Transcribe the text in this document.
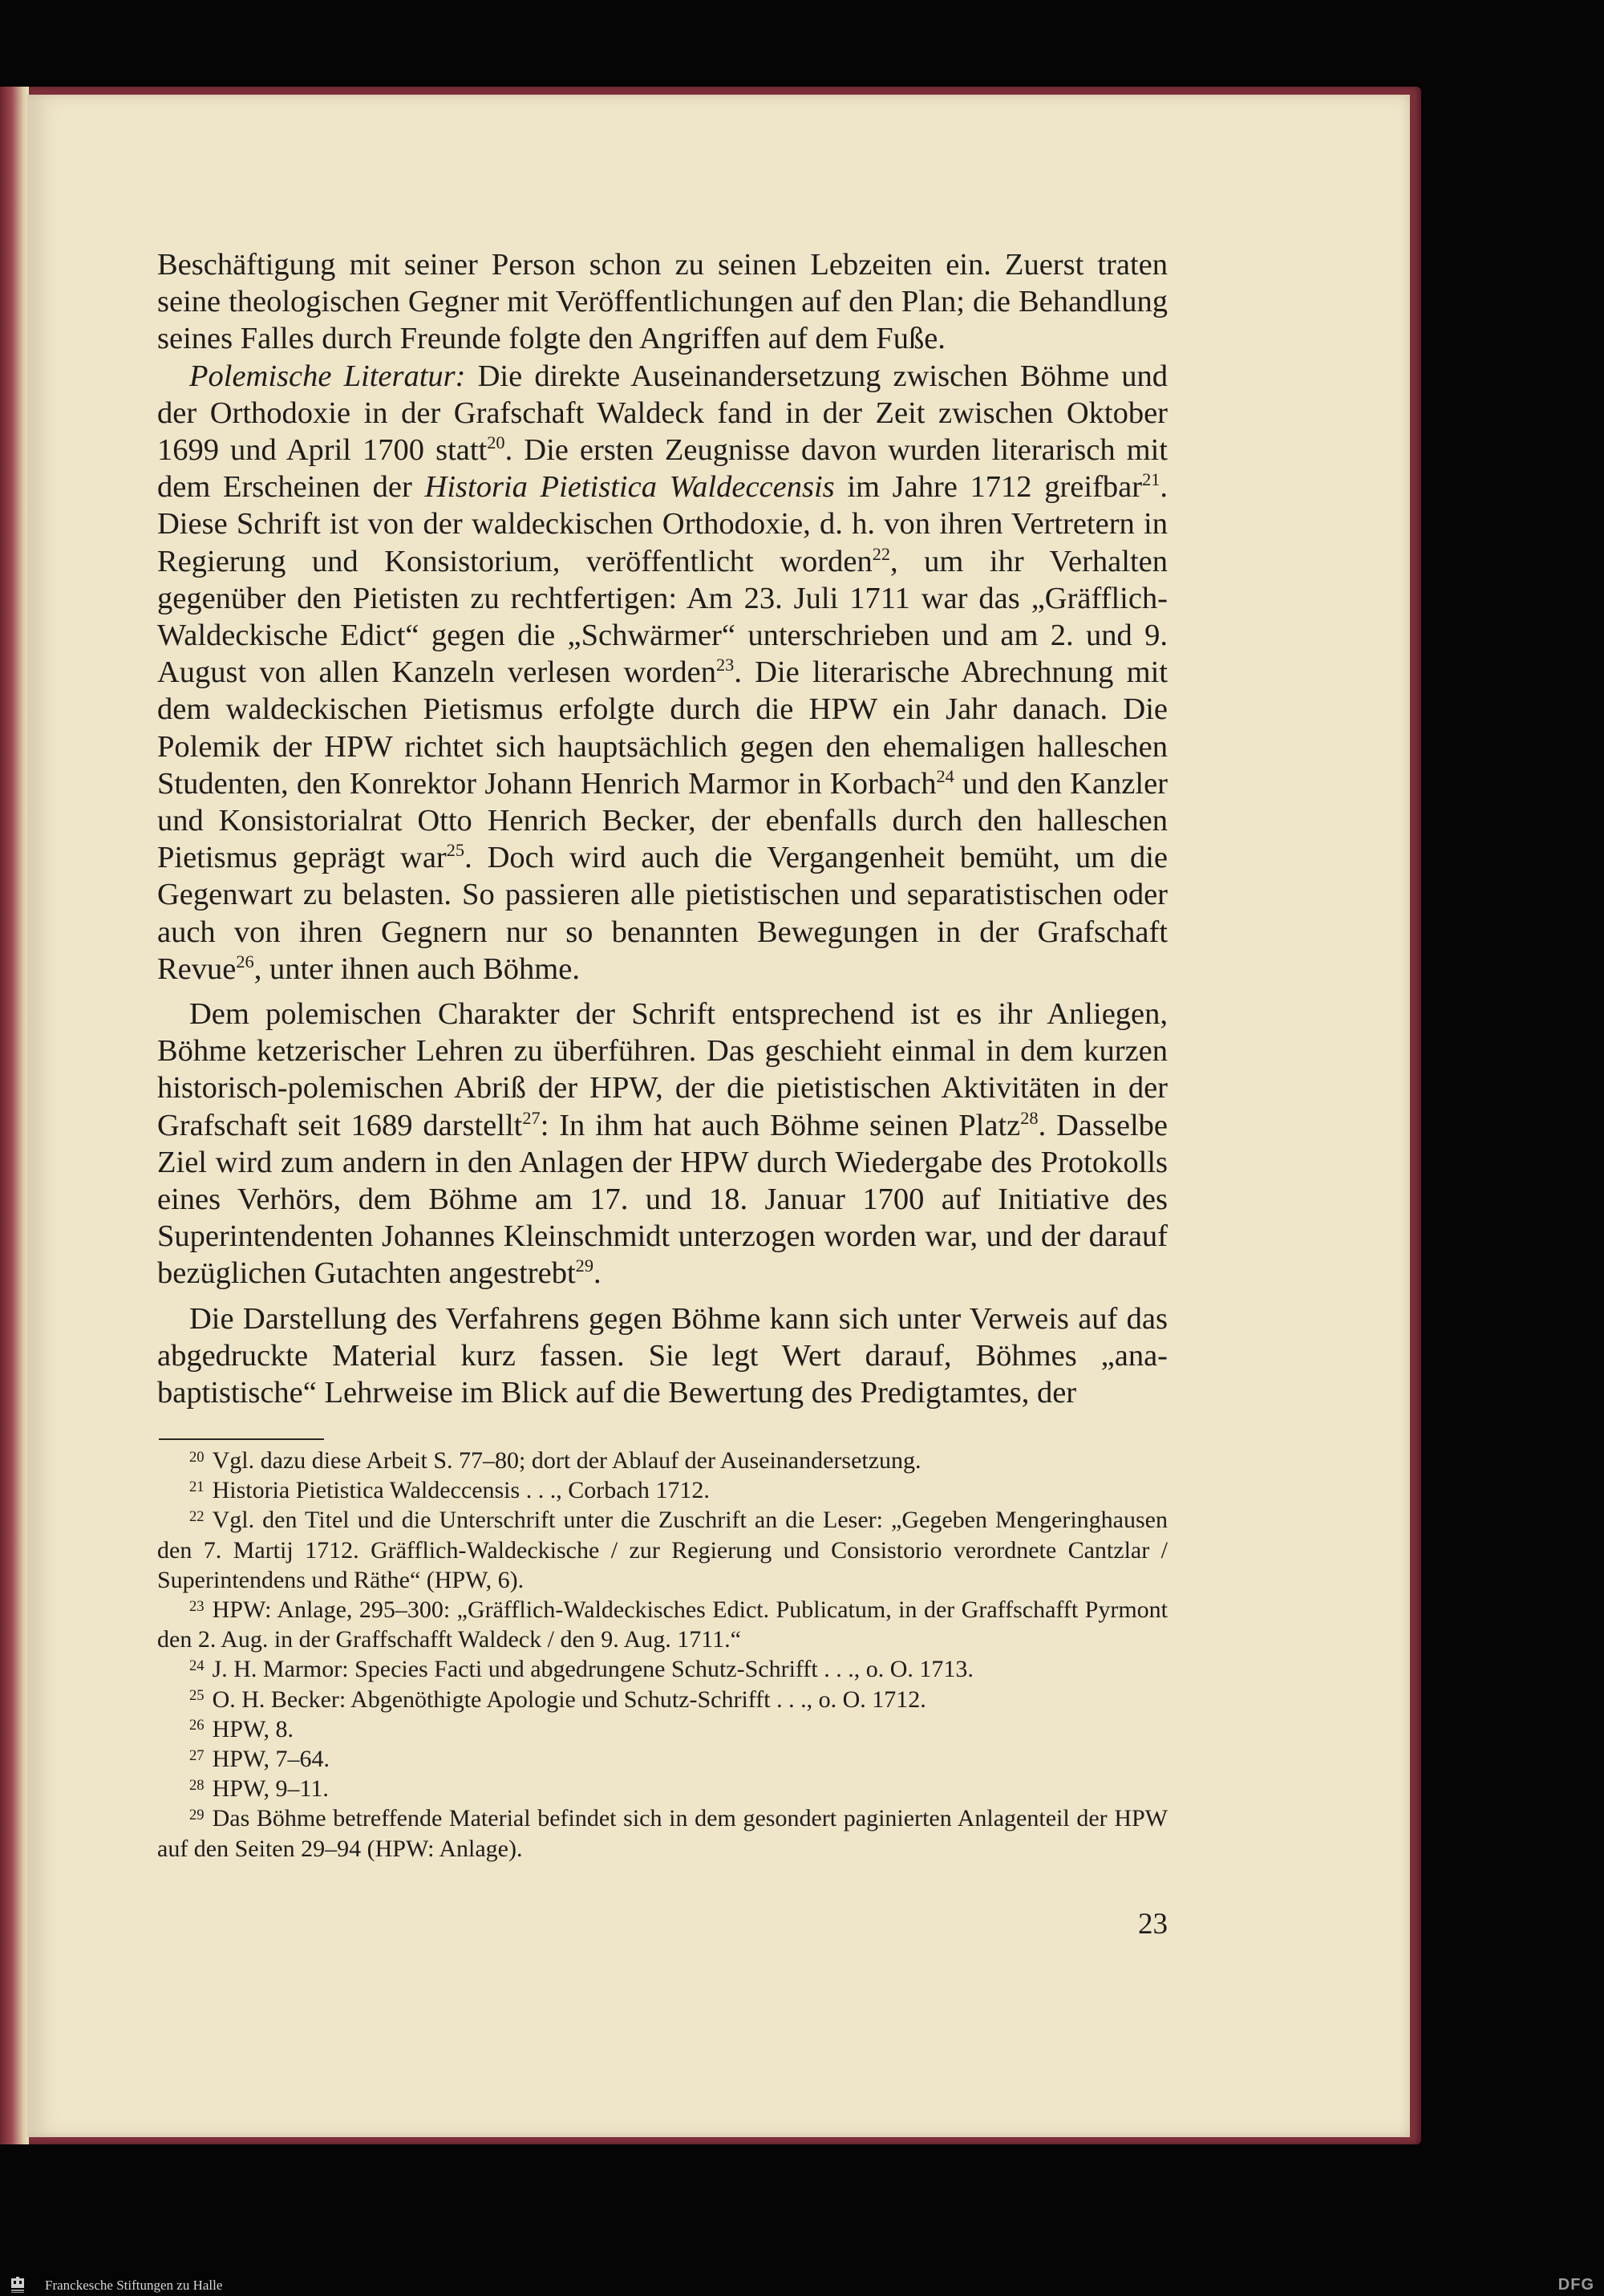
Beschäftigung mit seiner Person schon zu seinen Lebzeiten ein. Zuerst traten seine theologischen Gegner mit Veröffentlichungen auf den Plan; die Behandlung seines Falles durch Freunde folgte den Angriffen auf dem Fuße.

Polemische Literatur: Die direkte Auseinandersetzung zwischen Böhme und der Orthodoxie in der Grafschaft Waldeck fand in der Zeit zwischen Oktober 1699 und April 1700 statt$^{20}$. Die ersten Zeugnisse davon wurden literarisch mit dem Erscheinen der Historia Pietistica Waldeccensis im Jahre 1712 greifbar$^{21}$. Diese Schrift ist von der waldeckischen Orthodoxie, d. h. von ihren Vertretern in Regierung und Konsistorium, veröffentlicht worden$^{22}$, um ihr Verhalten gegenüber den Pietisten zu rechtfertigen: Am 23. Juli 1711 war das „Gräfflich-Waldeckische Edict“ gegen die „Schwärmer“ unterschrieben und am 2. und 9. August von allen Kanzeln verlesen worden$^{23}$. Die literarische Abrechnung mit dem waldeckischen Pietismus erfolgte durch die HPW ein Jahr danach. Die Polemik der HPW richtet sich hauptsächlich gegen den ehemaligen halleschen Studenten, den Konrektor Johann Henrich Marmor in Korbach$^{24}$ und den Kanzler und Konsistorialrat Otto Henrich Becker, der ebenfalls durch den halleschen Pietismus geprägt war$^{25}$. Doch wird auch die Vergangenheit bemüht, um die Gegenwart zu belasten. So passieren alle pietistischen und separatistischen oder auch von ihren Gegnern nur so benannten Bewegungen in der Grafschaft Revue$^{26}$, unter ihnen auch Böhme.

Dem polemischen Charakter der Schrift entsprechend ist es ihr Anliegen, Böhme ketzerischer Lehren zu überführen. Das geschieht einmal in dem kurzen historisch-polemischen Abriß der HPW, der die pietistischen Aktivitäten in der Grafschaft seit 1689 darstellt$^{27}$: In ihm hat auch Böhme seinen Platz$^{28}$. Dasselbe Ziel wird zum andern in den Anlagen der HPW durch Wiedergabe des Protokolls eines Verhörs, dem Böhme am 17. und 18. Januar 1700 auf Initiative des Superintendenten Johannes Kleinschmidt unterzogen worden war, und der darauf bezüglichen Gutachten angestrebt$^{29}$.

Die Darstellung des Verfahrens gegen Böhme kann sich unter Verweis auf das abgedruckte Material kurz fassen. Sie legt Wert darauf, Böhmes „anabaptistische“ Lehrweise im Blick auf die Bewertung des Predigtamtes, der

$^{20}$ Vgl. dazu diese Arbeit S. 77–80; dort der Ablauf der Auseinandersetzung.

$^{21}$ Historia Pietistica Waldeccensis . . ., Corbach 1712.

$^{22}$ Vgl. den Titel und die Unterschrift unter die Zuschrift an die Leser: „Gegeben Mengeringhausen den 7. Martij 1712. Gräfflich-Waldeckische / zur Regierung und Consistorio verordnete Cantzlar / Superintendens und Räthe“ (HPW, 6).

$^{23}$ HPW: Anlage, 295–300: „Gräfflich-Waldeckisches Edict. Publicatum, in der Graffschafft Pyrmont den 2. Aug. in der Graffschafft Waldeck / den 9. Aug. 1711.“

$^{24}$ J. H. Marmor: Species Facti und abgedrungene Schutz-Schrifft . . ., o. O. 1713.

$^{25}$ O. H. Becker: Abgenöthigte Apologie und Schutz-Schrifft . . ., o. O. 1712.

$^{26}$ HPW, 8.

$^{27}$ HPW, 7–64.

$^{28}$ HPW, 9–11.

$^{29}$ Das Böhme betreffende Material befindet sich in dem gesondert paginierten Anlagenteil der HPW auf den Seiten 29–94 (HPW: Anlage).

23
Franckesche Stiftungen zu Halle	DFG
